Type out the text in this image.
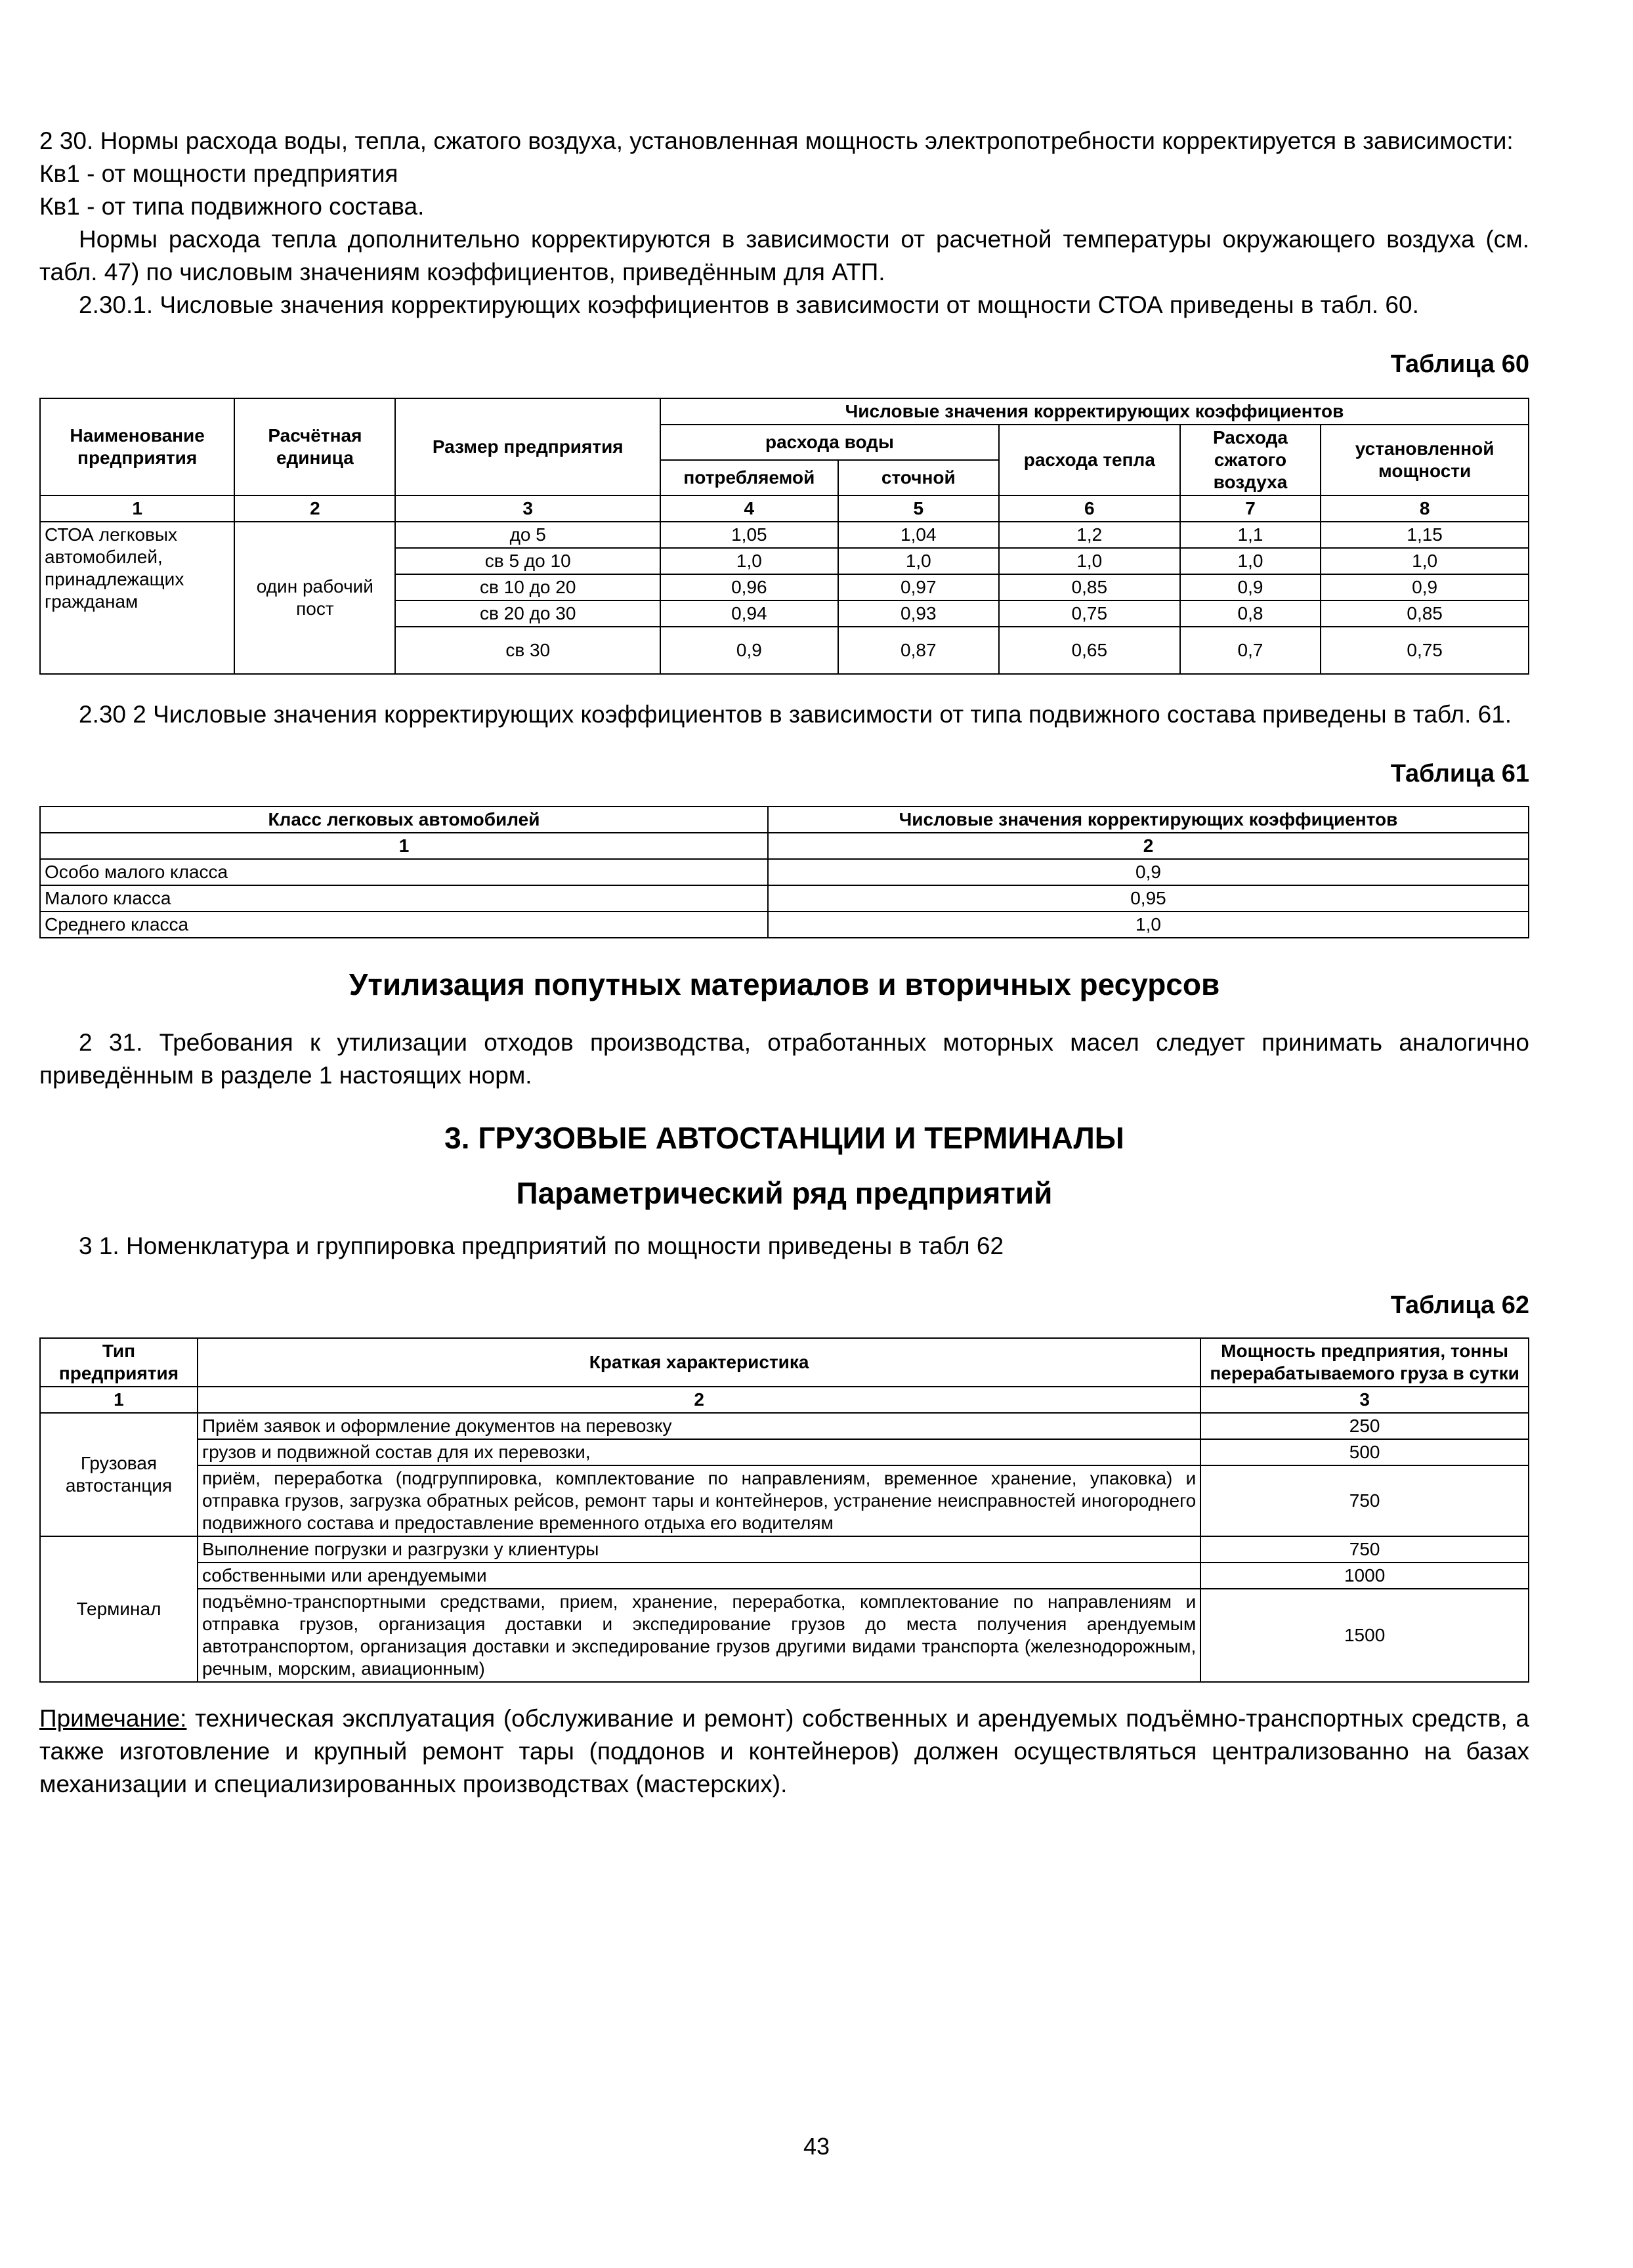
2 30. Нормы расхода воды, тепла, сжатого воздуха, установленная мощность электропотребности корректируется в зависимости:

Кв1 - от мощности предприятия

Кв1 - от типа подвижного состава.

Нормы расхода тепла дополнительно корректируются в зависимости от расчетной температуры окружающего воздуха (см. табл. 47) по числовым значениям коэффициентов, приведённым для АТП.

2.30.1. Числовые значения корректирующих коэффициентов в зависимости от мощности СТОА приведены в табл. 60.

Таблица 60
Наименование предприятия	Расчётная единица	Размер предприятия	Числовые значения корректирующих коэффициентов				
			расхода воды		расхода тепла	Расхода сжатого воздуха	установленной мощности
			потребляемой	сточной			
1	2	3	4	5	6	7	8
СТОА легковых автомобилей, принадлежащих гражданам	один рабочий пост	до 5	1,05	1,04	1,2	1,1	1,15
		св 5 до 10	1,0	1,0	1,0	1,0	1,0
		св 10 до 20	0,96	0,97	0,85	0,9	0,9
		св 20 до 30	0,94	0,93	0,75	0,8	0,85
		св 30	0,9	0,87	0,65	0,7	0,75

2.30 2 Числовые значения корректирующих коэффициентов в зависимости от типа подвижного состава приведены в табл. 61.

Таблица 61
Класс легковых автомобилей	Числовые значения корректирующих коэффициентов
1	2
Особо малого класса	0,9
Малого класса	0,95
Среднего класса	1,0
Утилизация попутных материалов и вторичных ресурсов

2 31. Требования к утилизации отходов производства, отработанных моторных масел следует принимать аналогично приведённым в разделе 1 настоящих норм.

3. ГРУЗОВЫЕ АВТОСТАНЦИИ И ТЕРМИНАЛЫ
Параметрический ряд предприятий

3 1. Номенклатура и группировка предприятий по мощности приведены в табл 62

Таблица 62
Тип предприятия	Краткая характеристика	Мощность предприятия, тонны перерабатываемого груза в сутки
1	2	3
Грузовая автостанция	Приём заявок и оформление документов на перевозку	250
	грузов и подвижной состав для их перевозки,	500
	приём, переработка (подгруппировка, комплектование по направлениям, временное хранение, упаковка) и отправка грузов, загрузка обратных рейсов, ремонт тары и контейнеров, устранение неисправностей иногороднего подвижного состава и предоставление временного отдыха его водителям	750
Терминал	Выполнение погрузки и разгрузки у клиентуры	750
	собственными или арендуемыми	1000
	подъёмно-транспортными средствами, прием, хранение, переработка, комплектование по направлениям и отправка грузов, организация доставки и экспедирование грузов до места получения арендуемым автотранспортом, организация доставки и экспедирование грузов другими видами транспорта (железнодорожным, речным, морским, авиационным)	1500

Примечание: техническая эксплуатация (обслуживание и ремонт) собственных и арендуемых подъёмно-транспортных средств, а также изготовление и крупный ремонт тары (поддонов и контейнеров) должен осуществляться централизованно на базах механизации и специализированных производствах (мастерских).

43
